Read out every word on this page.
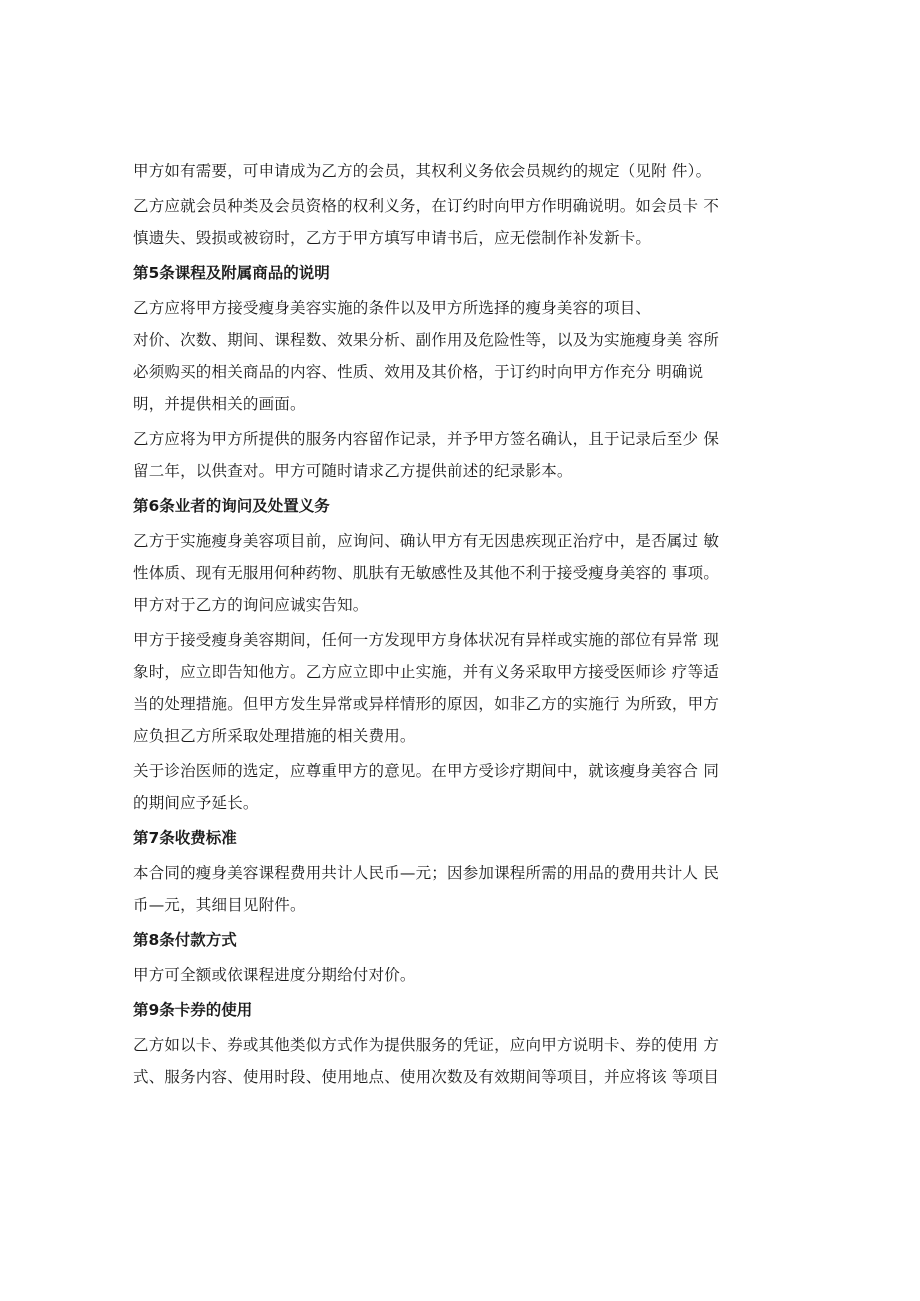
甲方如有需要，可申请成为乙方的会员，其权利义务依会员规约的规定（见附 件）。
乙方应就会员种类及会员资格的权利义务，在订约时向甲方作明确说明。如会员卡 不
慎遗失、毁损或被窃时，乙方于甲方填写申请书后，应无偿制作补发新卡。
第5条课程及附属商品的说明
乙方应将甲方接受瘦身美容实施的条件以及甲方所选择的瘦身美容的项目、
对价、次数、期间、课程数、效果分析、副作用及危险性等，以及为实施瘦身美 容所
必须购买的相关商品的内容、性质、效用及其价格，于订约时向甲方作充分 明确说
明，并提供相关的画面。
乙方应将为甲方所提供的服务内容留作记录，并予甲方签名确认，且于记录后至少 保
留二年，以供查对。甲方可随时请求乙方提供前述的纪录影本。
第6条业者的询问及处置义务
乙方于实施瘦身美容项目前，应询问、确认甲方有无因患疾现正治疗中，是否属过 敏
性体质、现有无服用何种药物、肌肤有无敏感性及其他不利于接受瘦身美容的 事项。
甲方对于乙方的询问应诚实告知。
甲方于接受瘦身美容期间，任何一方发现甲方身体状况有异样或实施的部位有异常 现
象时，应立即告知他方。乙方应立即中止实施，并有义务采取甲方接受医师诊 疗等适
当的处理措施。但甲方发生异常或异样情形的原因，如非乙方的实施行 为所致，甲方
应负担乙方所采取处理措施的相关费用。
关于诊治医师的选定，应尊重甲方的意见。在甲方受诊疗期间中，就该瘦身美容合 同
的期间应予延长。
第7条收费标准
本合同的瘦身美容课程费用共计人民币—元；因参加课程所需的用品的费用共计人 民
币—元，其细目见附件。
第8条付款方式
甲方可全额或依课程进度分期给付对价。
第9条卡券的使用
乙方如以卡、券或其他类似方式作为提供服务的凭证，应向甲方说明卡、券的使用 方
式、服务内容、使用时段、使用地点、使用次数及有效期间等项目，并应将该 等项目
